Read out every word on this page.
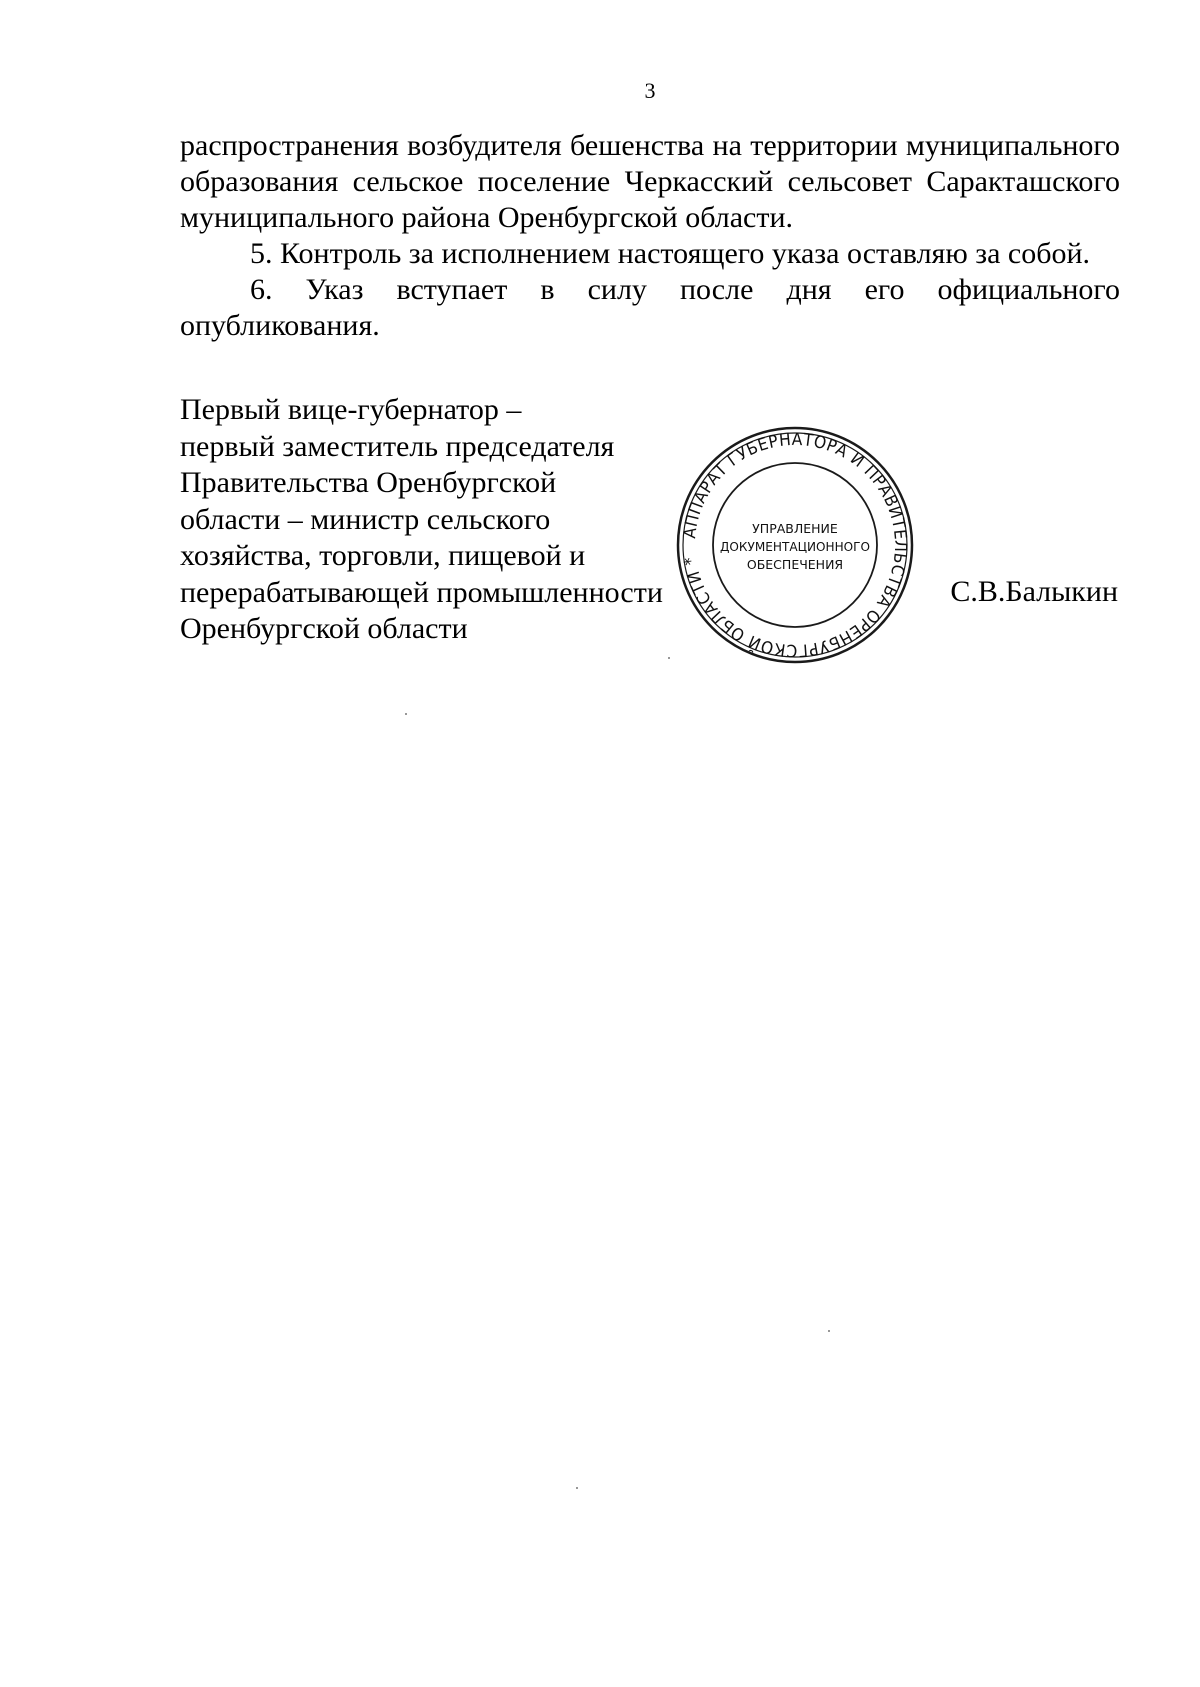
3

распространения возбудителя бешенства на территории муниципального образования сельское поселение Черкасский сельсовет Саракташского муниципального района Оренбургской области.

5. Контроль за исполнением настоящего указа оставляю за собой.

6. Указ вступает в силу после дня его официального опубликования.

Первый вице-губернатор –
первый заместитель председателя
Правительства Оренбургской
области – министр сельского
хозяйства, торговли, пищевой и
перерабатывающей промышленности
Оренбургской области
АППАРАТ ГУБЕРНАТОРА И ПРАВИТЕЛЬСТВА ОРЕНБУРГСКОЙ ОБЛАСТИ *
УПРАВЛЕНИЕ
ДОКУМЕНТАЦИОННОГО
ОБЕСПЕЧЕНИЯ
С.В.Балыкин
